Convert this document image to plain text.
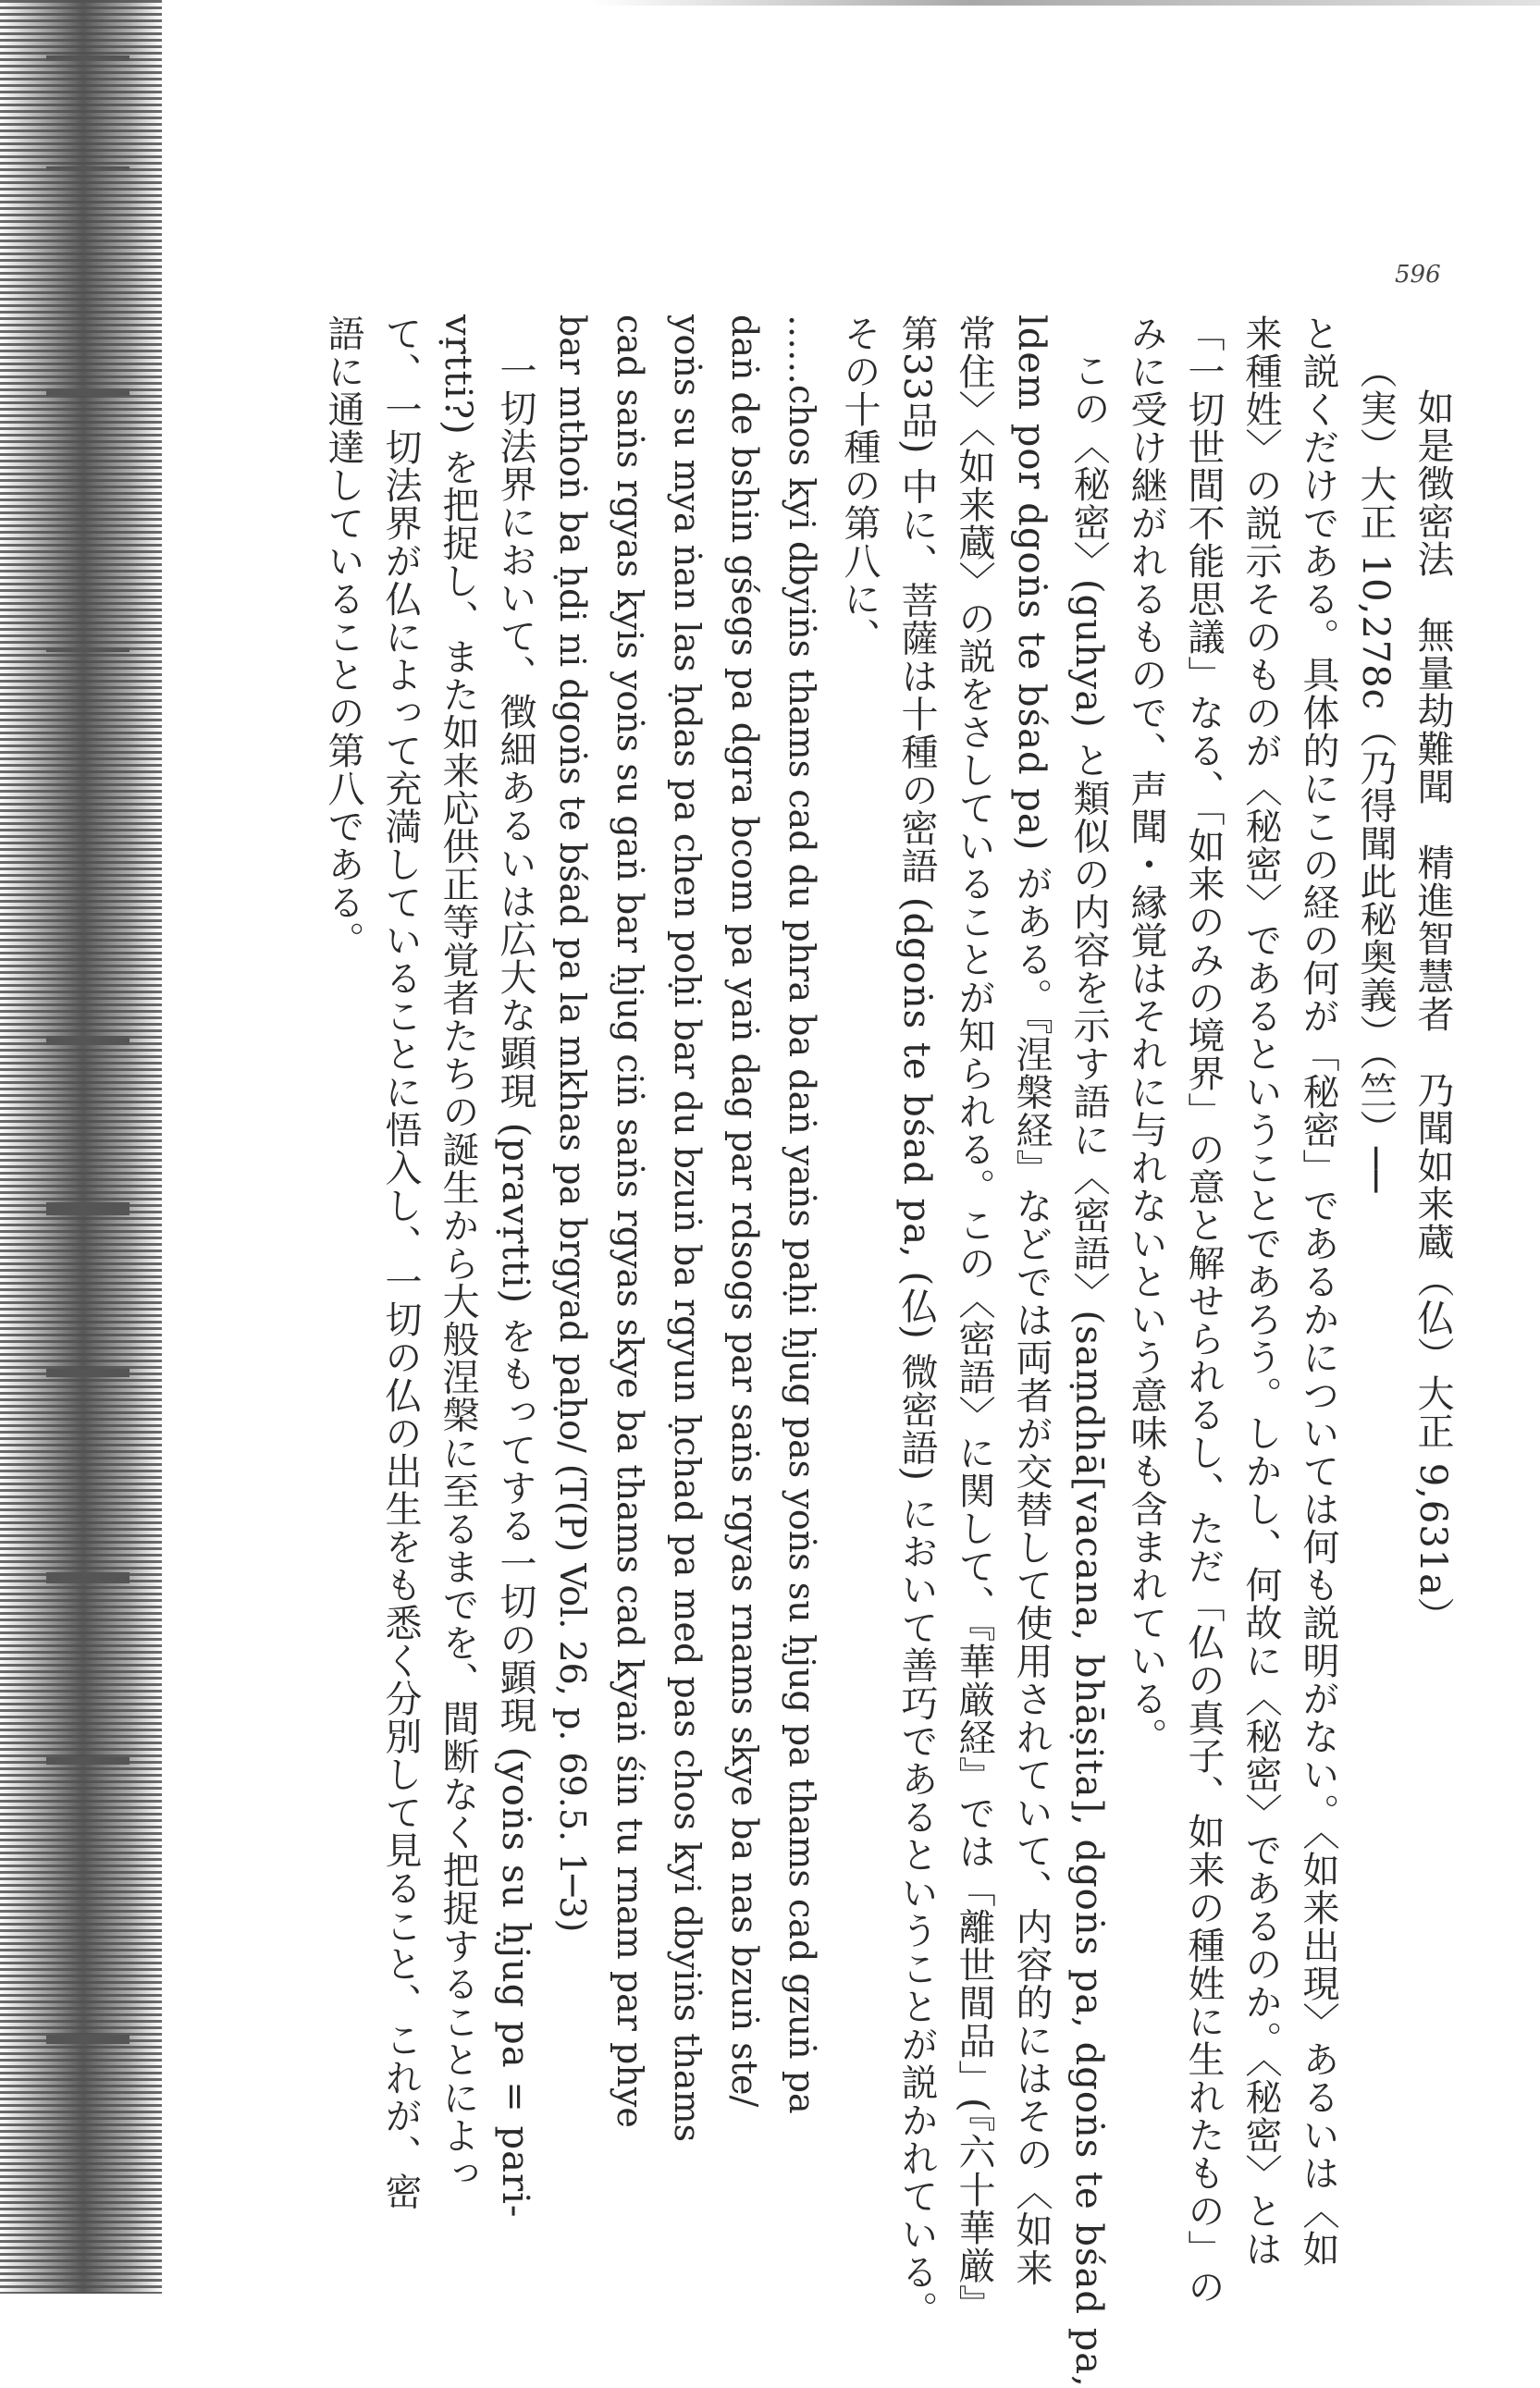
596
如是徴密法　無量劫難聞　精進智慧者　乃聞如来蔵（仏）大正 9,631a）
（実）大正 10,278c（乃得聞此秘奥義）（竺）──
と説くだけである。具体的にこの経の何が「秘密」であるかについては何も説明がない。〈如来出現〉あるいは〈如
来種姓〉の説示そのものが〈秘密〉であるということであろう。しかし、何故に〈秘密〉であるのか。〈秘密〉とは
「一切世間不能思議」なる、「如来のみの境界」の意と解せられるし、ただ「仏の真子、如来の種姓に生れたもの」の
みに受け継がれるもので、声聞・縁覚はそれに与れないという意味も含まれている。
この〈秘密〉(guhya) と類似の内容を示す語に〈密語〉(saṃdhā[vacana, bhāṣita], dgoṅs pa, dgoṅs te bśad pa,
ldem por dgoṅs te bśad pa) がある。『涅槃経』などでは両者が交替して使用されていて、内容的にはその〈如来
常住〉〈如来蔵〉の説をさしていることが知られる。この〈密語〉に関して、『華厳経』では「離世間品」(『六十華厳』
第33品) 中に、菩薩は十種の密語 (dgoṅs te bśad pa, (仏) 微密語) において善巧であるということが説かれている。
その十種の第八に、
……chos kyi dbyiṅs thams cad du phra ba daṅ yaṅs paḥi ḥjug pas yoṅs su ḥjug pa thams cad gzuṅ pa
daṅ de bshin gśegs pa dgra bcom pa yaṅ dag par rdsogs par saṅs rgyas rnams skye ba nas bzuṅ ste/
yoṅs su mya ṅan las ḥdas pa chen poḥi bar du bzuṅ ba rgyun ḥchad pa med pas chos kyi dbyiṅs thams
cad saṅs rgyas kyis yoṅs su gaṅ bar ḥjug ciṅ saṅs rgyas skye ba thams cad kyaṅ śin tu rnam par phye
bar mthoṅ ba ḥdi ni dgoṅs te bśad pa la mkhas pa brgyad paḥo/ (T(P) Vol. 26, p. 69.5. 1─3)
一切法界において、徴細あるいは広大な顕現 (pravṛtti) をもってする一切の顕現 (yoṅs su ḥjug pa = pari-
vṛtti?) を把捉し、また如来応供正等覚者たちの誕生から大般涅槃に至るまでを、間断なく把捉することによっ
て、一切法界が仏によって充満していることに悟入し、一切の仏の出生をも悉く分別して見ること、これが、密
語に通達していることの第八である。
